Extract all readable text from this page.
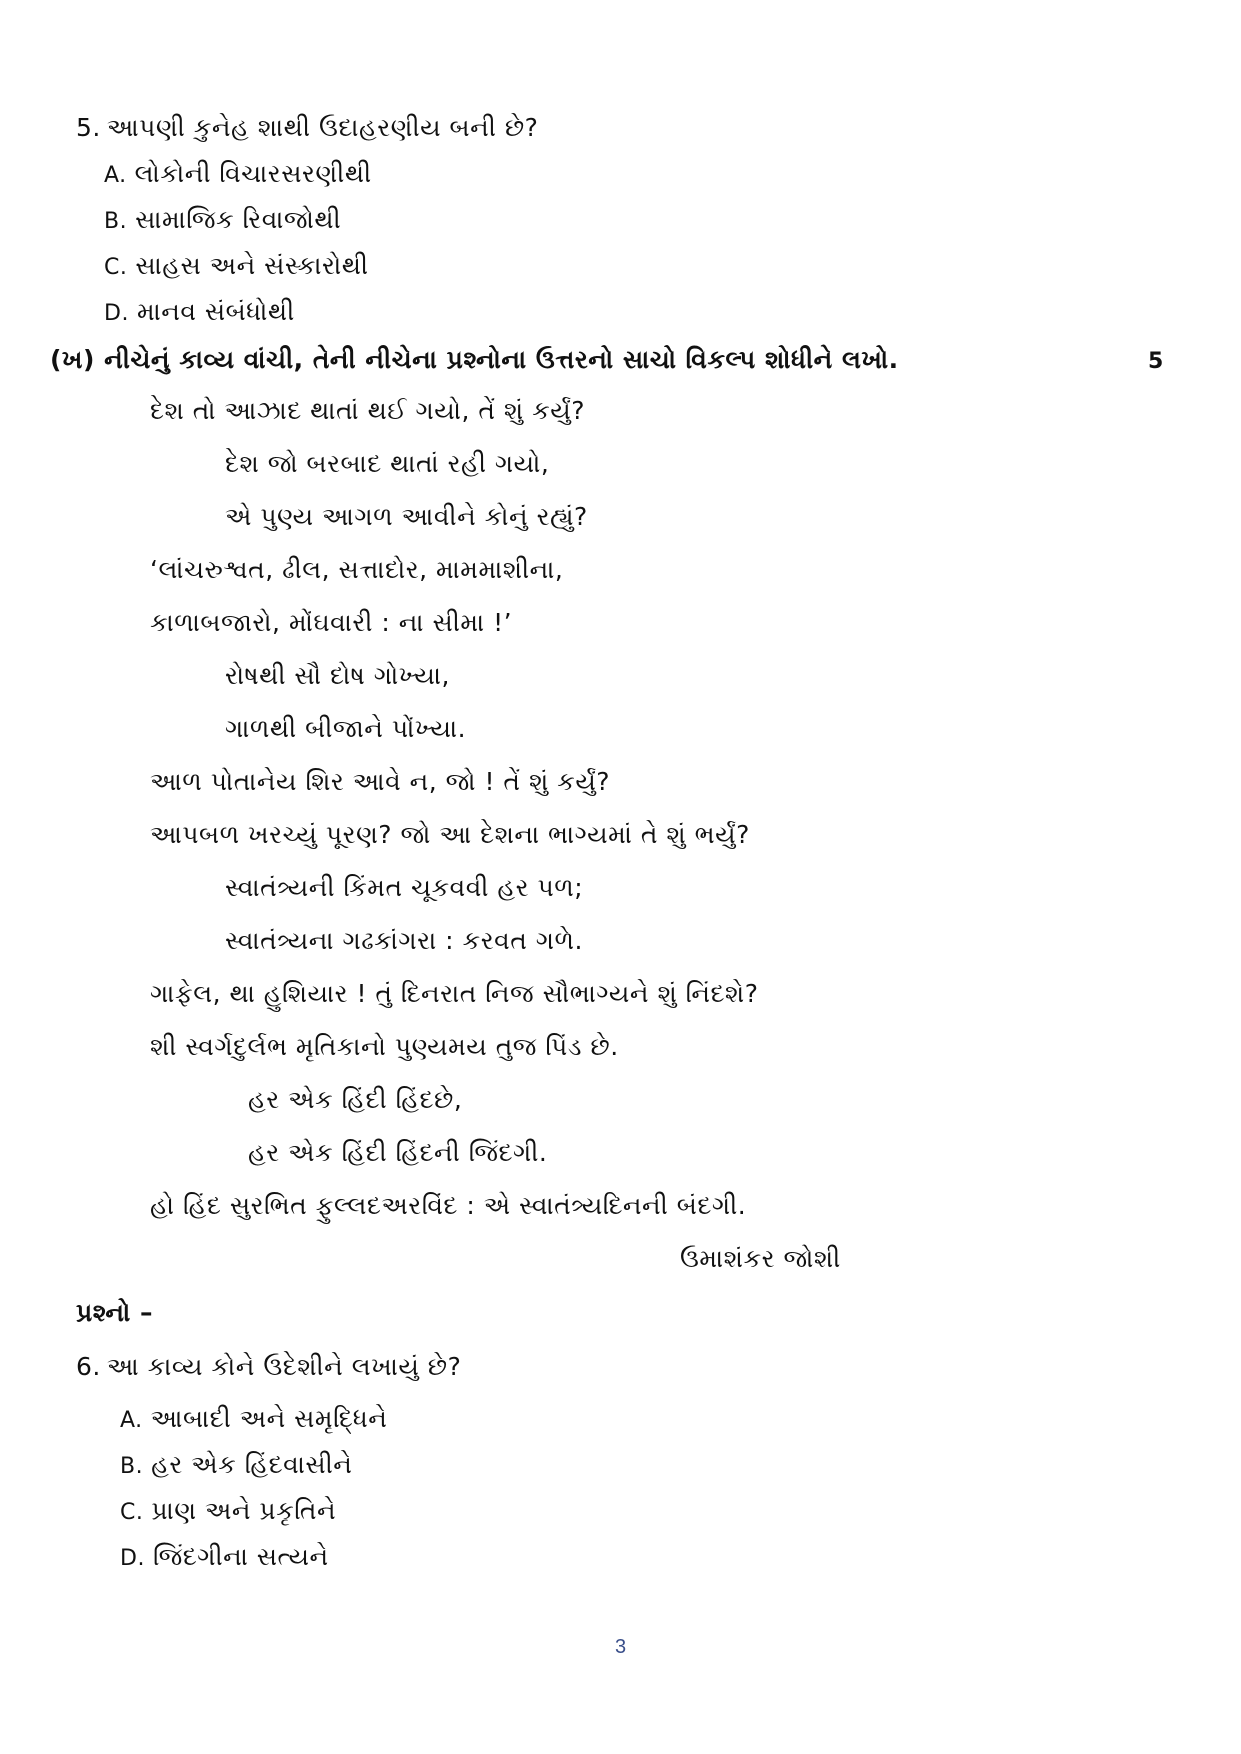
5. આપણી કુનેહ શાથી ઉદાહરણીય બની છે?
A. લોકોની વિચારસરણીથી
B. સામાજિક રિવાજોથી
C. સાહસ અને સંસ્કારોથી
D. માનવ સંબંધોથી
(ખ) નીચેનું કાવ્ય વાંચી, તેની નીચેના પ્રશ્નોના ઉત્તરનો સાચો વિકલ્પ શોધીને લખો.	5
દેશ તો આઝાદ થાતાં થઈ ગયો, તેં શું કર્યું?
દેશ જો બરબાદ થાતાં રહી ગયો,
એ પુણ્ય આગળ આવીને કોનું રહ્યું?
‘લાંચરુશ્વત, ઢીલ, સત્તાદોર, મામમાશીના,
કાળાબજારો, મોંઘવારી : ના સીમા !’
રોષથી સૌ દોષ ગોખ્યા,
ગાળથી બીજાને પોંખ્યા.
આળ પોતાનેય શિર આવે ન, જો ! તેં શું કર્યું?
આપબળ ખરચ્યું પૂરણ? જો આ દેશના ભાગ્યમાં તે શું ભર્યું?
સ્વાતંત્ર્યની કિંમત ચૂકવવી હર પળ;
સ્વાતંત્ર્યના ગઢકાંગરા : કરવત ગળે.
ગાફેલ, થા હુશિયાર ! તું દિનરાત નિજ સૌભાગ્યને શું નિંદશે?
શી સ્વર્ગદુર્લભ મૃતિકાનો પુણ્યમય તુજ પિંડ છે.
હર એક હિંદી હિંદછે,
હર એક હિંદી હિંદની જિંદગી.
હો હિંદ સુરભિત ફુલ્લદઅરવિંદ : એ સ્વાતંત્ર્યદિનની બંદગી.
ઉમાશંકર જોશી
પ્રશ્નો –
6. આ કાવ્ય કોને ઉદેશીને લખાયું છે?
A. આબાદી અને સમૃદ્ધિને
B. હર એક હિંદવાસીને
C. પ્રાણ અને પ્રકૃતિને
D. જિંદગીના સત્યને
3
